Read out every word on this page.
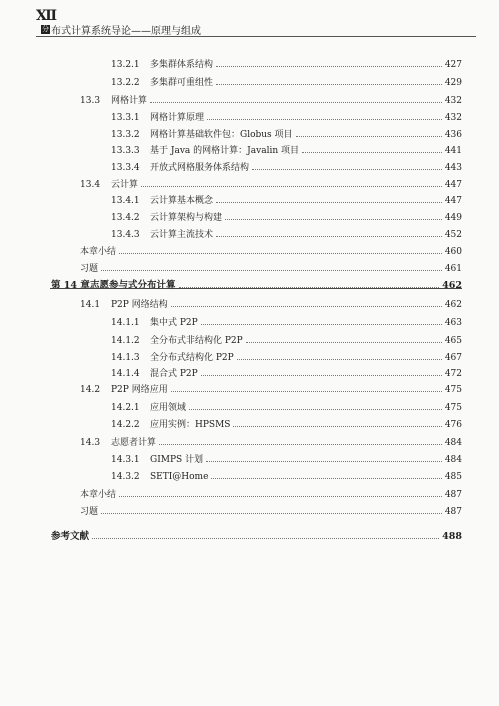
Ⅻ
分 布式计算系统导论——原理与组成
13.2.1	多集群体系结构	427
13.2.2	多集群可重组性	429
13.3	网格计算	432
13.3.1	网格计算原理	432
13.3.2	网格计算基础软件包：Globus 项目	436
13.3.3	基于 Java 的网格计算：Javalin 项目	441
13.3.4	开放式网格服务体系结构	443
13.4	云计算	447
13.4.1	云计算基本概念	447
13.4.2	云计算架构与构建	449
13.4.3	云计算主流技术	452
本章小结	460
习题	461
第 14 章 志愿参与式分布计算	462
14.1	P2P 网络结构	462
14.1.1	集中式 P2P	463
14.1.2	全分布式非结构化 P2P	465
14.1.3	全分布式结构化 P2P	467
14.1.4	混合式 P2P	472
14.2	P2P 网络应用	475
14.2.1	应用领域	475
14.2.2	应用实例：HPSMS	476
14.3	志愿者计算	484
14.3.1	GIMPS 计划	484
14.3.2	SETI@Home	485
本章小结	487
习题	487
参考文献	488
